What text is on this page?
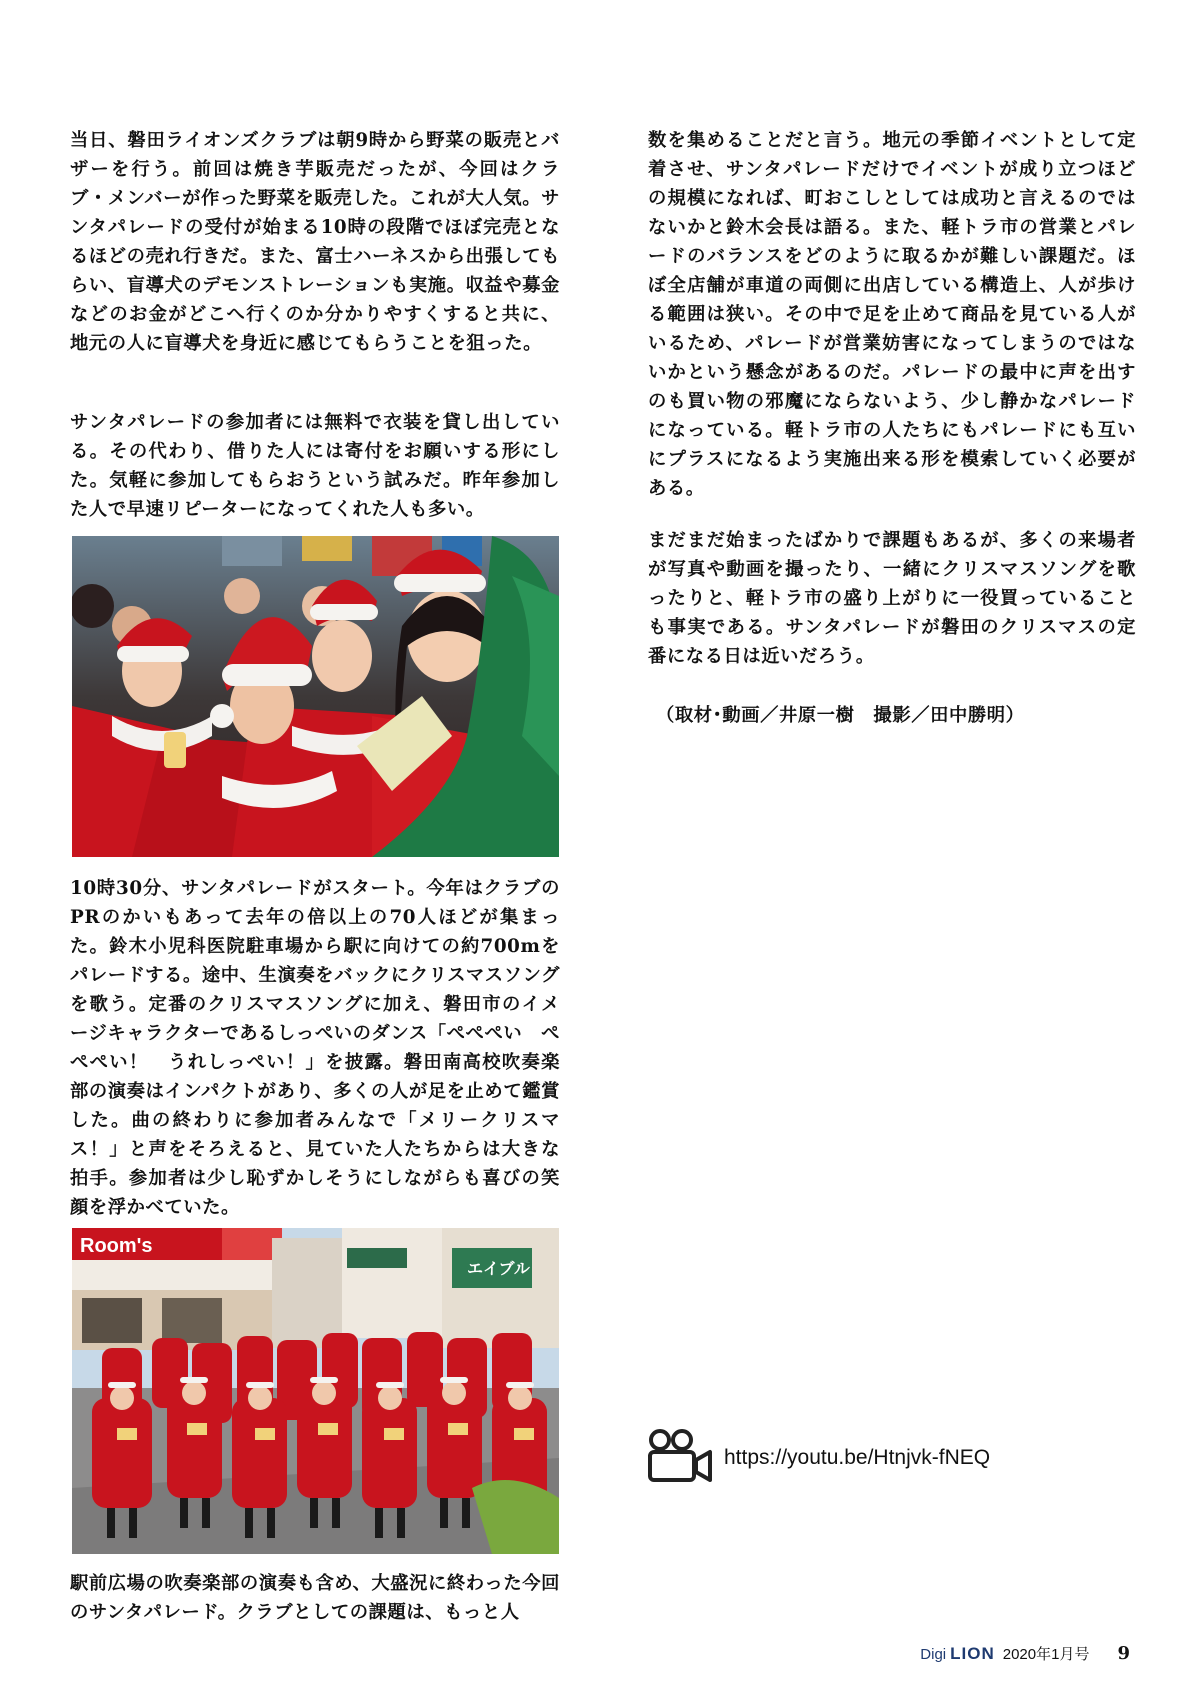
当日、磐田ライオンズクラブは朝9時から野菜の販売とバザーを行う。前回は焼き芋販売だったが、今回はクラブ・メンバーが作った野菜を販売した。これが大人気。サンタパレードの受付が始まる10時の段階でほぼ完売となるほどの売れ行きだ。また、富士ハーネスから出張してもらい、盲導犬のデモンストレーションも実施。収益や募金などのお金がどこへ行くのか分かりやすくすると共に、地元の人に盲導犬を身近に感じてもらうことを狙った。

サンタパレードの参加者には無料で衣装を貸し出している。その代わり、借りた人には寄付をお願いする形にした。気軽に参加してもらおうという試みだ。昨年参加した人で早速リピーターになってくれた人も多い。

10時30分、サンタパレードがスタート。今年はクラブのPRのかいもあって去年の倍以上の70人ほどが集まった。鈴木小児科医院駐車場から駅に向けての約700mをパレードする。途中、生演奏をバックにクリスマスソングを歌う。定番のクリスマスソングに加え、磐田市のイメージキャラクターであるしっぺいのダンス「ぺぺぺい　ぺぺぺい！　うれしっぺい！」を披露。磐田南高校吹奏楽部の演奏はインパクトがあり、多くの人が足を止めて鑑賞した。曲の終わりに参加者みんなで「メリークリスマス！」と声をそろえると、見ていた人たちからは大きな拍手。参加者は少し恥ずかしそうにしながらも喜びの笑顔を浮かべていた。

Room's
エイブル

駅前広場の吹奏楽部の演奏も含め、大盛況に終わった今回のサンタパレード。クラブとしての課題は、もっと人

数を集めることだと言う。地元の季節イベントとして定着させ、サンタパレードだけでイベントが成り立つほどの規模になれば、町おこしとしては成功と言えるのではないかと鈴木会長は語る。また、軽トラ市の営業とパレードのバランスをどのように取るかが難しい課題だ。ほぼ全店舗が車道の両側に出店している構造上、人が歩ける範囲は狭い。その中で足を止めて商品を見ている人がいるため、パレードが営業妨害になってしまうのではないかという懸念があるのだ。パレードの最中に声を出すのも買い物の邪魔にならないよう、少し静かなパレードになっている。軽トラ市の人たちにもパレードにも互いにプラスになるよう実施出来る形を模索していく必要がある。

まだまだ始まったばかりで課題もあるが、多くの来場者が写真や動画を撮ったり、一緒にクリスマスソングを歌ったりと、軽トラ市の盛り上がりに一役買っていることも事実である。サンタパレードが磐田のクリスマスの定番になる日は近いだろう。

（取材･動画／井原一樹　撮影／田中勝明）

https://youtu.be/Htnjvk-fNEQ
Digi LION 2020年1月号 9
